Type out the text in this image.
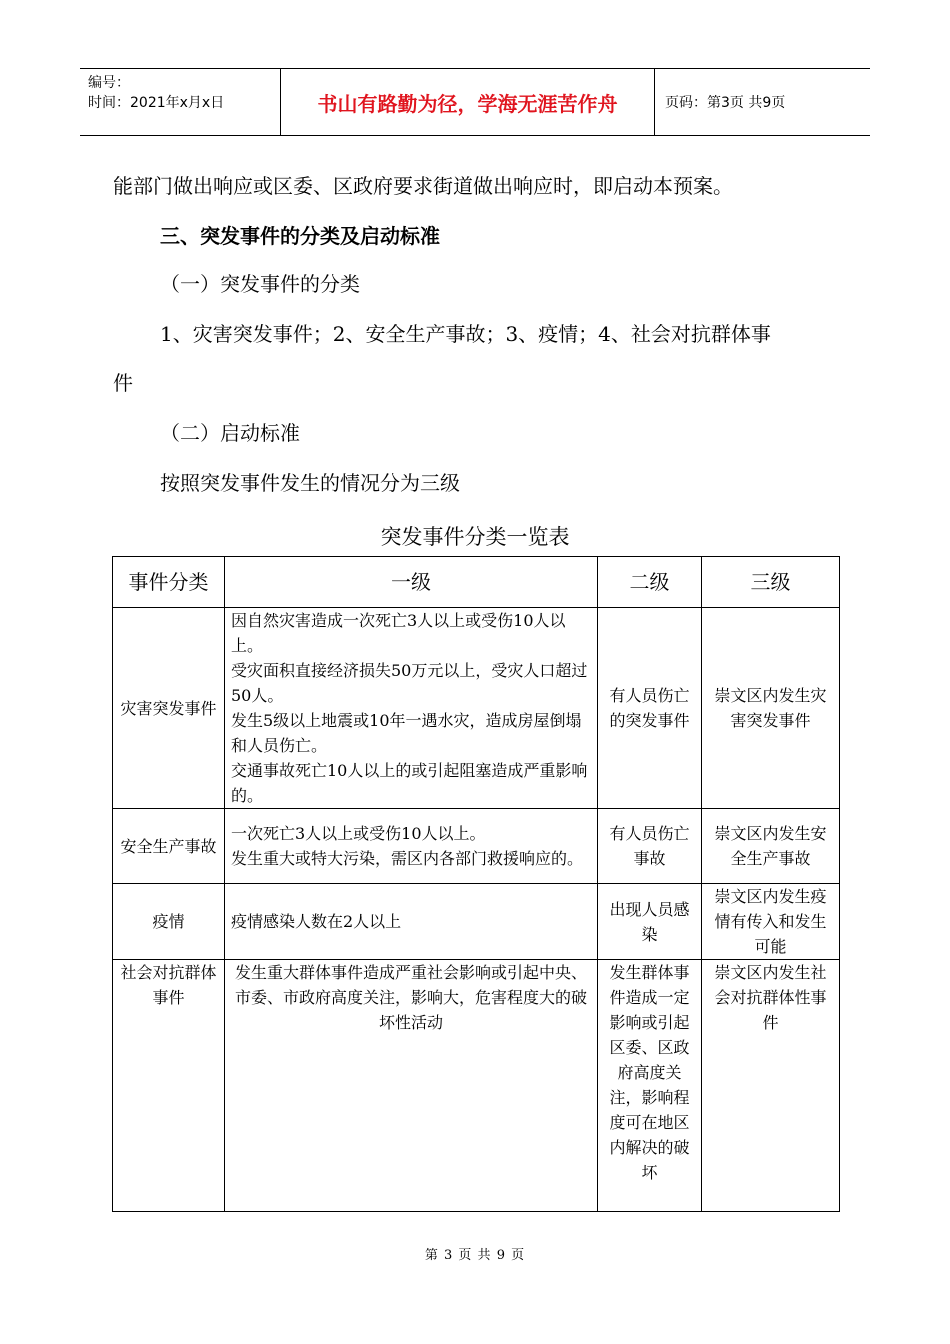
编号：
时间：2021年x月x日	书山有路勤为径，学海无涯苦作舟	页码：第3页 共9页
能部门做出响应或区委、区政府要求街道做出响应时，即启动本预案。
三、突发事件的分类及启动标准
（一）突发事件的分类
1、灾害突发事件；2、安全生产事故；3、疫情；4、社会对抗群体事
件
（二）启动标准
按照突发事件发生的情况分为三级
突发事件分类一览表
事件分类	一级	二级	三级
灾害突发事件	因自然灾害造成一次死亡3人以上或受伤10人以上。
受灾面积直接经济损失50万元以上，受灾人口超过50人。
发生5级以上地震或10年一遇水灾，造成房屋倒塌和人员伤亡。
交通事故死亡10人以上的或引起阻塞造成严重影响的。	有人员伤亡的突发事件	崇文区内发生灾害突发事件
安全生产事故	一次死亡3人以上或受伤10人以上。
发生重大或特大污染，需区内各部门救援响应的。	有人员伤亡事故	崇文区内发生安全生产事故
疫情	疫情感染人数在2人以上	出现人员感染	崇文区内发生疫情有传入和发生可能
社会对抗群体事件	发生重大群体事件造成严重社会影响或引起中央、市委、市政府高度关注，影响大，危害程度大的破坏性活动	发生群体事件造成一定影响或引起区委、区政府高度关注，影响程度可在地区内解决的破坏	崇文区内发生社会对抗群体性事件
第 3 页 共 9 页
